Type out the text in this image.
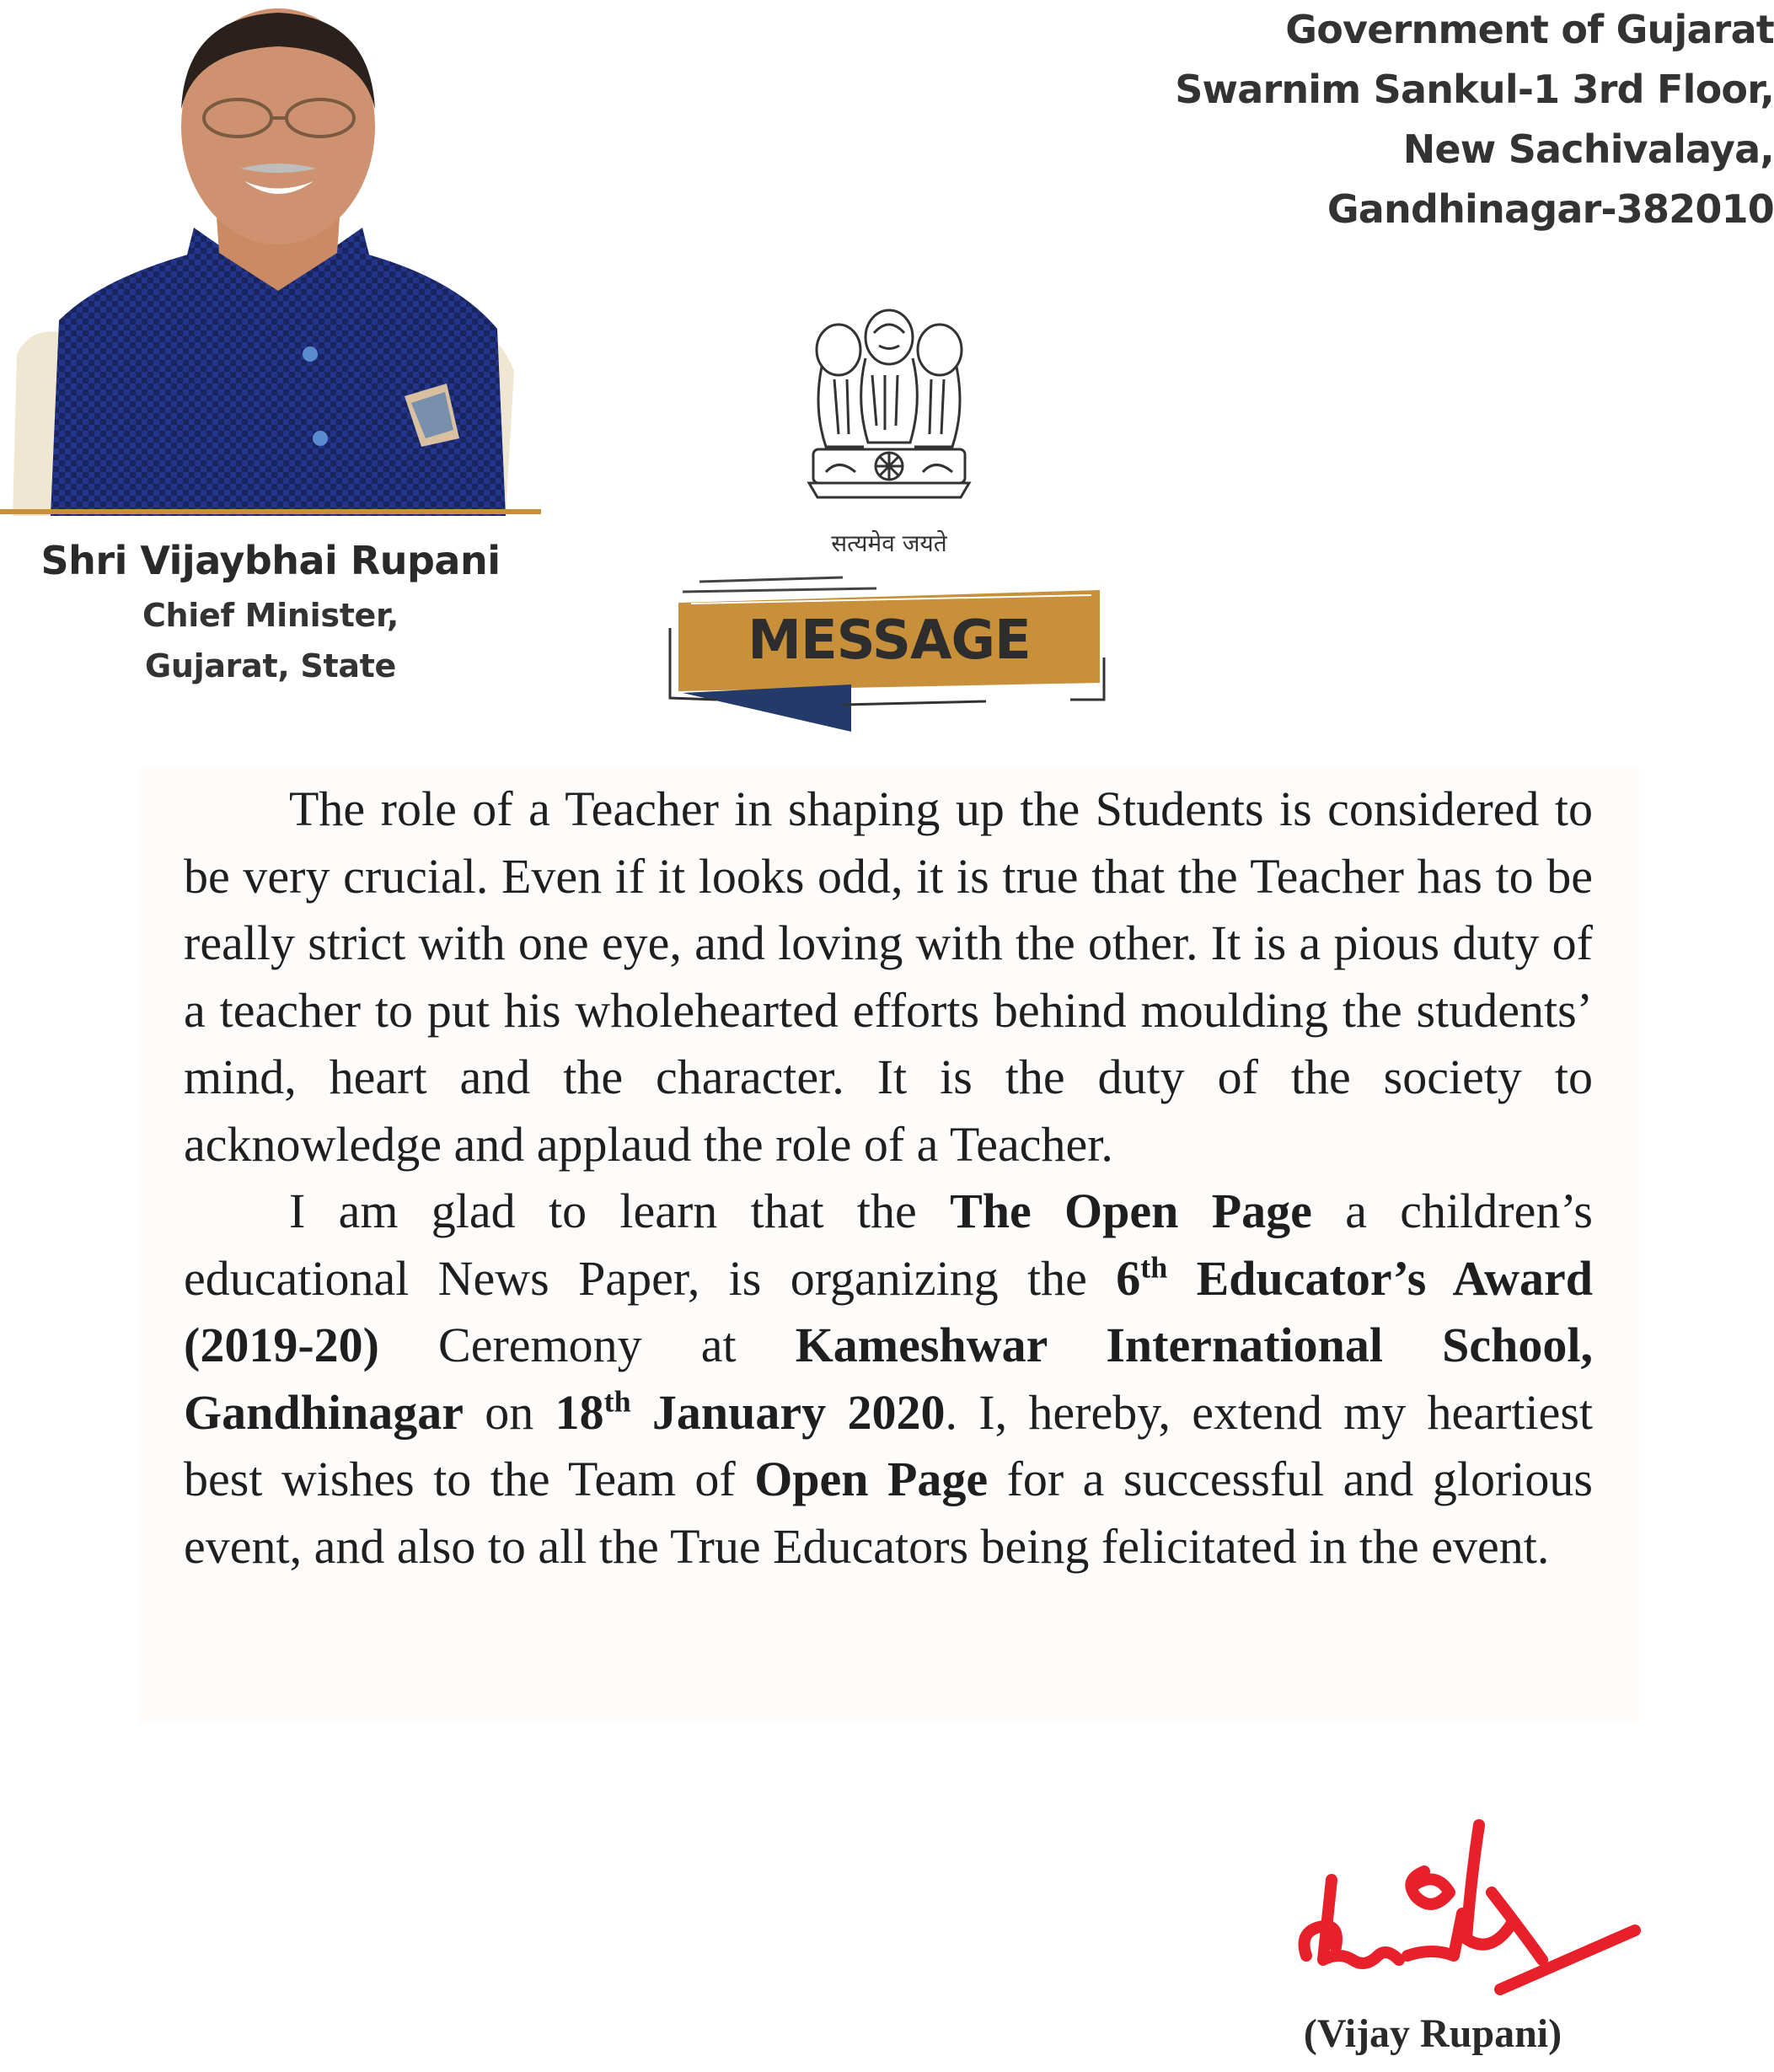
Shri Vijaybhai Rupani
Chief Minister,
Gujarat, State
Government of Gujarat
Swarnim Sankul-1 3rd Floor,
New Sachivalaya,
Gandhinagar-382010
सत्यमेव जयते
MESSAGE

The role of a Teacher in shaping up the Students is considered to be very crucial. Even if it looks odd, it is true that the Teacher has to be really strict with one eye, and loving with the other. It is a pious duty of a teacher to put his wholehearted efforts behind moulding the students’ mind, heart and the character. It is the duty of the society to acknowledge and applaud the role of a Teacher.

I am glad to learn that the The Open Page a children’s educational News Paper, is organizing the 6th Educator’s Award (2019-20) Ceremony at Kameshwar International School, Gandhinagar on 18th January 2020. I, hereby, extend my heartiest best wishes to the Team of Open Page for a successful and glorious event, and also to all the True Educators being felicitated in the event.

(Vijay Rupani)
